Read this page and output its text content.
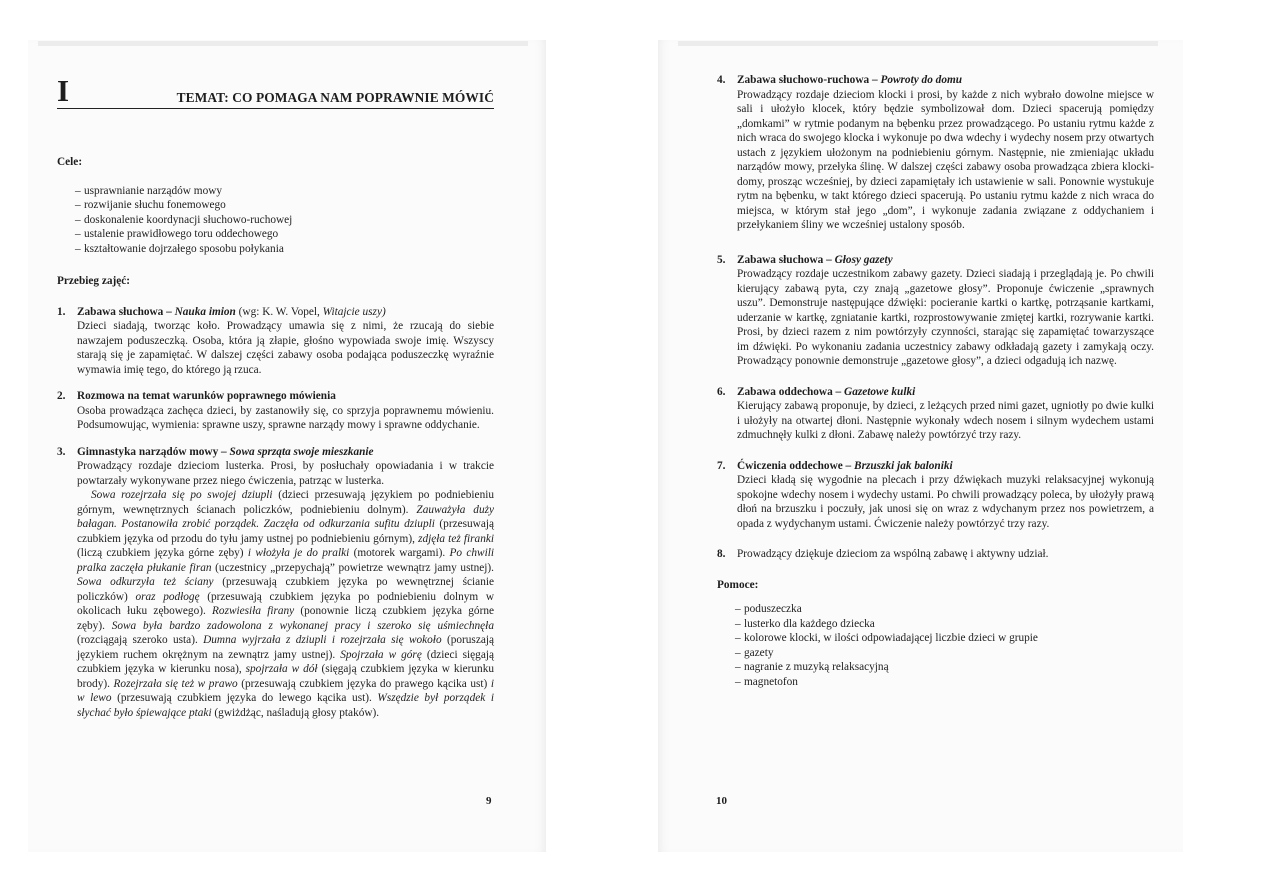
I	TEMAT: CO POMAGA NAM POPRAWNIE MÓWIĆ
Cele:
– usprawnianie narządów mowy
– rozwijanie słuchu fonemowego
– doskonalenie koordynacji słuchowo-ruchowej
– ustalenie prawidłowego toru oddechowego
– kształtowanie dojrzałego sposobu połykania
Przebieg zajęć:
1. Zabawa słuchowa – Nauka imion (wg: K. W. Vopel, Witajcie uszy)
Dzieci siadają, tworząc koło. Prowadzący umawia się z nimi, że rzucają do siebie nawzajem poduszeczką. Osoba, która ją złapie, głośno wypowiada swoje imię. Wszyscy starają się je zapamiętać. W dalszej części zabawy osoba podająca poduszeczkę wyraźnie wymawia imię tego, do którego ją rzuca.
2. Rozmowa na temat warunków poprawnego mówienia
Osoba prowadząca zachęca dzieci, by zastanowiły się, co sprzyja poprawnemu mówieniu. Podsumowując, wymienia: sprawne uszy, sprawne narządy mowy i sprawne oddychanie.
3. Gimnastyka narządów mowy – Sowa sprząta swoje mieszkanie
Prowadzący rozdaje dzieciom lusterka. Prosi, by posłuchały opowiadania i w trakcie powtarzały wykonywane przez niego ćwiczenia, patrząc w lusterka.
Sowa rozejrzała się po swojej dziupli (dzieci przesuwają językiem po podniebieniu górnym, wewnętrznych ścianach policzków, podniebieniu dolnym). Zauważyła duży bałagan. Postanowiła zrobić porządek. Zaczęła od odkurzania sufitu dziupli (przesuwają czubkiem języka od przodu do tyłu jamy ustnej po podniebieniu górnym), zdjęła też firanki (liczą czubkiem języka górne zęby) i włożyła je do pralki (motorek wargami). Po chwili pralka zaczęła płukanie firan (uczestnicy „przepychają” powietrze wewnątrz jamy ustnej). Sowa odkurzyła też ściany (przesuwają czubkiem języka po wewnętrznej ścianie policzków) oraz podłogę (przesuwają czubkiem języka po podniebieniu dolnym w okolicach łuku zębowego). Rozwiesiła firany (ponownie liczą czubkiem języka górne zęby). Sowa była bardzo zadowolona z wykonanej pracy i szeroko się uśmiechnęła (rozciągają szeroko usta). Dumna wyjrzała z dziupli i rozejrzała się wokoło (poruszają językiem ruchem okrężnym na zewnątrz jamy ustnej). Spojrzała w górę (dzieci sięgają czubkiem języka w kierunku nosa), spojrzała w dół (sięgają czubkiem języka w kierunku brody). Rozejrzała się też w prawo (przesuwają czubkiem języka do prawego kącika ust) i w lewo (przesuwają czubkiem języka do lewego kącika ust). Wszędzie był porządek i słychać było śpiewające ptaki (gwiżdżąc, naśladują głosy ptaków).
9
4. Zabawa słuchowo-ruchowa – Powroty do domu
Prowadzący rozdaje dzieciom klocki i prosi, by każde z nich wybrało dowolne miejsce w sali i ułożyło klocek, który będzie symbolizował dom. Dzieci spacerują pomiędzy „domkami” w rytmie podanym na bębenku przez prowadzącego. Po ustaniu rytmu każde z nich wraca do swojego klocka i wykonuje po dwa wdechy i wydechy nosem przy otwartych ustach z językiem ułożonym na podniebieniu górnym. Następnie, nie zmieniając układu narządów mowy, przełyka ślinę. W dalszej części zabawy osoba prowadząca zbiera klocki-domy, prosząc wcześniej, by dzieci zapamiętały ich ustawienie w sali. Ponownie wystukuje rytm na bębenku, w takt którego dzieci spacerują. Po ustaniu rytmu każde z nich wraca do miejsca, w którym stał jego „dom”, i wykonuje zadania związane z oddychaniem i przełykaniem śliny we wcześniej ustalony sposób.
5. Zabawa słuchowa – Głosy gazety
Prowadzący rozdaje uczestnikom zabawy gazety. Dzieci siadają i przeglądają je. Po chwili kierujący zabawą pyta, czy znają „gazetowe głosy”. Proponuje ćwiczenie „sprawnych uszu”. Demonstruje następujące dźwięki: pocieranie kartki o kartkę, potrząsanie kartkami, uderzanie w kartkę, zgniatanie kartki, rozprostowywanie zmiętej kartki, rozrywanie kartki. Prosi, by dzieci razem z nim powtórzyły czynności, starając się zapamiętać towarzyszące im dźwięki. Po wykonaniu zadania uczestnicy zabawy odkładają gazety i zamykają oczy. Prowadzący ponownie demonstruje „gazetowe głosy”, a dzieci odgadują ich nazwę.
6. Zabawa oddechowa – Gazetowe kulki
Kierujący zabawą proponuje, by dzieci, z leżących przed nimi gazet, ugniotły po dwie kulki i ułożyły na otwartej dłoni. Następnie wykonały wdech nosem i silnym wydechem ustami zdmuchnęły kulki z dłoni. Zabawę należy powtórzyć trzy razy.
7. Ćwiczenia oddechowe – Brzuszki jak baloniki
Dzieci kładą się wygodnie na plecach i przy dźwiękach muzyki relaksacyjnej wykonują spokojne wdechy nosem i wydechy ustami. Po chwili prowadzący poleca, by ułożyły prawą dłoń na brzuszku i poczuły, jak unosi się on wraz z wdychanym przez nos powietrzem, a opada z wydychanym ustami. Ćwiczenie należy powtórzyć trzy razy.
8. Prowadzący dziękuje dzieciom za wspólną zabawę i aktywny udział.
Pomoce:
– poduszeczka
– lusterko dla każdego dziecka
– kolorowe klocki, w ilości odpowiadającej liczbie dzieci w grupie
– gazety
– nagranie z muzyką relaksacyjną
– magnetofon
10
